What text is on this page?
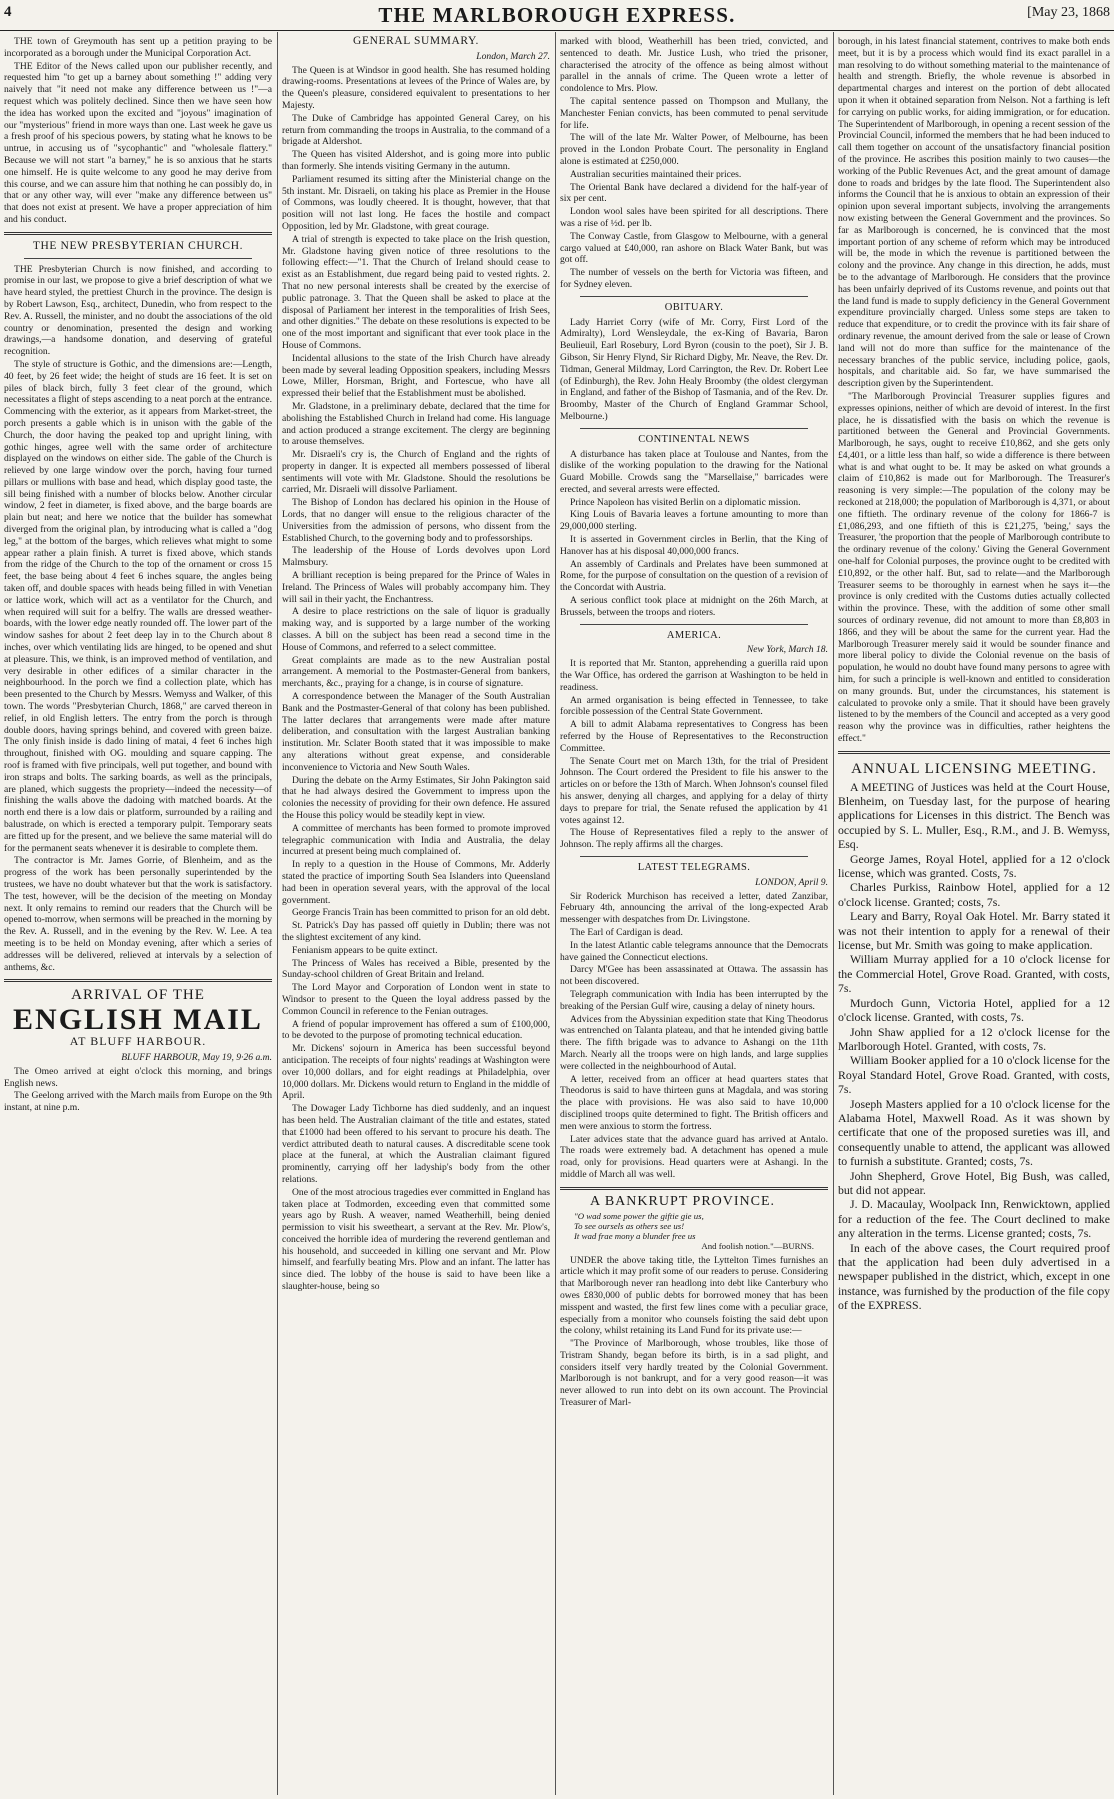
4	THE MARLBOROUGH EXPRESS.	[May 23, 1868

THE town of Greymouth has sent up a petition praying to be incorporated as a borough under the Municipal Corporation Act.

THE Editor of the News called upon our publisher recently, and requested him "to get up a barney about something !" adding very naively that "it need not make any difference between us !"—a request which was politely declined. Since then we have seen how the idea has worked upon the excited and "joyous" imagination of our "mysterious" friend in more ways than one. Last week he gave us a fresh proof of his specious powers, by stating what he knows to be untrue, in accusing us of "sycophantic" and "wholesale flattery." Because we will not start "a barney," he is so anxious that he starts one himself. He is quite welcome to any good he may derive from this course, and we can assure him that nothing he can possibly do, in that or any other way, will ever "make any difference between us" that does not exist at present. We have a proper appreciation of him and his conduct.

THE NEW PRESBYTERIAN CHURCH.

THE Presbyterian Church is now finished, and according to promise in our last, we propose to give a brief description of what we have heard styled, the prettiest Church in the province. The design is by Robert Lawson, Esq., architect, Dunedin, who from respect to the Rev. A. Russell, the minister, and no doubt the associations of the old country or denomination, presented the design and working drawings,—a handsome donation, and deserving of grateful recognition.

The style of structure is Gothic, and the dimensions are:—Length, 40 feet, by 26 feet wide; the height of studs are 16 feet. It is set on piles of black birch, fully 3 feet clear of the ground, which necessitates a flight of steps ascending to a neat porch at the entrance. Commencing with the exterior, as it appears from Market-street, the porch presents a gable which is in unison with the gable of the Church, the door having the peaked top and upright lining, with gothic hinges, agree well with the same order of architecture displayed on the windows on either side. The gable of the Church is relieved by one large window over the porch, having four turned pillars or mullions with base and head, which display good taste, the sill being finished with a number of blocks below. Another circular window, 2 feet in diameter, is fixed above, and the barge boards are plain but neat; and here we notice that the builder has somewhat diverged from the original plan, by introducing what is called a "dog leg," at the bottom of the barges, which relieves what might to some appear rather a plain finish. A turret is fixed above, which stands from the ridge of the Church to the top of the ornament or cross 15 feet, the base being about 4 feet 6 inches square, the angles being taken off, and double spaces with heads being filled in with Venetian or lattice work, which will act as a ventilator for the Church, and when required will suit for a belfry. The walls are dressed weather-boards, with the lower edge neatly rounded off. The lower part of the window sashes for about 2 feet deep lay in to the Church about 8 inches, over which ventilating lids are hinged, to be opened and shut at pleasure. This, we think, is an improved method of ventilation, and very desirable in other edifices of a similar character in the neighbourhood. In the porch we find a collection plate, which has been presented to the Church by Messrs. Wemyss and Walker, of this town. The words "Presbyterian Church, 1868," are carved thereon in relief, in old English letters. The entry from the porch is through double doors, having springs behind, and covered with green baize. The only finish inside is dado lining of matai, 4 feet 6 inches high throughout, finished with OG. moulding and square capping. The roof is framed with five principals, well put together, and bound with iron straps and bolts. The sarking boards, as well as the principals, are planed, which suggests the propriety—indeed the necessity—of finishing the walls above the dadoing with matched boards. At the north end there is a low dais or platform, surrounded by a railing and balustrade, on which is erected a temporary pulpit. Temporary seats are fitted up for the present, and we believe the same material will do for the permanent seats whenever it is desirable to complete them.

The contractor is Mr. James Gorrie, of Blenheim, and as the progress of the work has been personally superintended by the trustees, we have no doubt whatever but that the work is satisfactory. The test, however, will be the decision of the meeting on Monday next. It only remains to remind our readers that the Church will be opened to-morrow, when sermons will be preached in the morning by the Rev. A. Russell, and in the evening by the Rev. W. Lee. A tea meeting is to be held on Monday evening, after which a series of addresses will be delivered, relieved at intervals by a selection of anthems, &c.

ARRIVAL OF THE
ENGLISH MAIL
AT BLUFF HARBOUR.
BLUFF HARBOUR, May 19, 9·26 a.m.

The Omeo arrived at eight o'clock this morning, and brings English news.

The Geelong arrived with the March mails from Europe on the 9th instant, at nine p.m.

GENERAL SUMMARY.
London, March 27.

The Queen is at Windsor in good health. She has resumed holding drawing-rooms. Presentations at levees of the Prince of Wales are, by the Queen's pleasure, considered equivalent to presentations to her Majesty.

The Duke of Cambridge has appointed General Carey, on his return from commanding the troops in Australia, to the command of a brigade at Aldershot.

The Queen has visited Aldershot, and is going more into public than formerly. She intends visiting Germany in the autumn.

Parliament resumed its sitting after the Ministerial change on the 5th instant. Mr. Disraeli, on taking his place as Premier in the House of Commons, was loudly cheered. It is thought, however, that that position will not last long. He faces the hostile and compact Opposition, led by Mr. Gladstone, with great courage.

A trial of strength is expected to take place on the Irish question, Mr. Gladstone having given notice of three resolutions to the following effect:—"1. That the Church of Ireland should cease to exist as an Establishment, due regard being paid to vested rights. 2. That no new personal interests shall be created by the exercise of public patronage. 3. That the Queen shall be asked to place at the disposal of Parliament her interest in the temporalities of Irish Sees, and other dignities." The debate on these resolutions is expected to be one of the most important and significant that ever took place in the House of Commons.

Incidental allusions to the state of the Irish Church have already been made by several leading Opposition speakers, including Messrs Lowe, Miller, Horsman, Bright, and Fortescue, who have all expressed their belief that the Establishment must be abolished.

Mr. Gladstone, in a preliminary debate, declared that the time for abolishing the Established Church in Ireland had come. His language and action produced a strange excitement. The clergy are beginning to arouse themselves.

Mr. Disraeli's cry is, the Church of England and the rights of property in danger. It is expected all members possessed of liberal sentiments will vote with Mr. Gladstone. Should the resolutions be carried, Mr. Disraeli will dissolve Parliament.

The Bishop of London has declared his opinion in the House of Lords, that no danger will ensue to the religious character of the Universities from the admission of persons, who dissent from the Established Church, to the governing body and to professorships.

The leadership of the House of Lords devolves upon Lord Malmsbury.

A brilliant reception is being prepared for the Prince of Wales in Ireland. The Princess of Wales will probably accompany him. They will sail in their yacht, the Enchantress.

A desire to place restrictions on the sale of liquor is gradually making way, and is supported by a large number of the working classes. A bill on the subject has been read a second time in the House of Commons, and referred to a select committee.

Great complaints are made as to the new Australian postal arrangement. A memorial to the Postmaster-General from bankers, merchants, &c., praying for a change, is in course of signature.

A correspondence between the Manager of the South Australian Bank and the Postmaster-General of that colony has been published. The latter declares that arrangements were made after mature deliberation, and consultation with the largest Australian banking institution. Mr. Sclater Booth stated that it was impossible to make any alterations without great expense, and considerable inconvenience to Victoria and New South Wales.

During the debate on the Army Estimates, Sir John Pakington said that he had always desired the Government to impress upon the colonies the necessity of providing for their own defence. He assured the House this policy would be steadily kept in view.

A committee of merchants has been formed to promote improved telegraphic communication with India and Australia, the delay incurred at present being much complained of.

In reply to a question in the House of Commons, Mr. Adderly stated the practice of importing South Sea Islanders into Queensland had been in operation several years, with the approval of the local government.

George Francis Train has been committed to prison for an old debt.

St. Patrick's Day has passed off quietly in Dublin; there was not the slightest excitement of any kind.

Fenianism appears to be quite extinct.

The Princess of Wales has received a Bible, presented by the Sunday-school children of Great Britain and Ireland.

The Lord Mayor and Corporation of London went in state to Windsor to present to the Queen the loyal address passed by the Common Council in reference to the Fenian outrages.

A friend of popular improvement has offered a sum of £100,000, to be devoted to the purpose of promoting technical education.

Mr. Dickens' sojourn in America has been successful beyond anticipation. The receipts of four nights' readings at Washington were over 10,000 dollars, and for eight readings at Philadelphia, over 10,000 dollars. Mr. Dickens would return to England in the middle of April.

The Dowager Lady Tichborne has died suddenly, and an inquest has been held. The Australian claimant of the title and estates, stated that £1000 had been offered to his servant to procure his death. The verdict attributed death to natural causes. A discreditable scene took place at the funeral, at which the Australian claimant figured prominently, carrying off her ladyship's body from the other relations.

One of the most atrocious tragedies ever committed in England has taken place at Todmorden, exceeding even that committed some years ago by Rush. A weaver, named Weatherhill, being denied permission to visit his sweetheart, a servant at the Rev. Mr. Plow's, conceived the horrible idea of murdering the reverend gentleman and his household, and succeeded in killing one servant and Mr. Plow himself, and fearfully beating Mrs. Plow and an infant. The latter has since died. The lobby of the house is said to have been like a slaughter-house, being so

marked with blood, Weatherhill has been tried, convicted, and sentenced to death. Mr. Justice Lush, who tried the prisoner, characterised the atrocity of the offence as being almost without parallel in the annals of crime. The Queen wrote a letter of condolence to Mrs. Plow.

The capital sentence passed on Thompson and Mullany, the Manchester Fenian convicts, has been commuted to penal servitude for life.

The will of the late Mr. Walter Power, of Melbourne, has been proved in the London Probate Court. The personality in England alone is estimated at £250,000.

Australian securities maintained their prices.

The Oriental Bank have declared a dividend for the half-year of six per cent.

London wool sales have been spirited for all descriptions. There was a rise of ½d. per lb.

The Conway Castle, from Glasgow to Melbourne, with a general cargo valued at £40,000, ran ashore on Black Water Bank, but was got off.

The number of vessels on the berth for Victoria was fifteen, and for Sydney eleven.

OBITUARY.

Lady Harriet Corry (wife of Mr. Corry, First Lord of the Admiralty), Lord Wensleydale, the ex-King of Bavaria, Baron Beulieuil, Earl Rosebury, Lord Byron (cousin to the poet), Sir J. B. Gibson, Sir Henry Flynd, Sir Richard Digby, Mr. Neave, the Rev. Dr. Tidman, General Mildmay, Lord Carrington, the Rev. Dr. Robert Lee (of Edinburgh), the Rev. John Healy Broomby (the oldest clergyman in England, and father of the Bishop of Tasmania, and of the Rev. Dr. Broomby, Master of the Church of England Grammar School, Melbourne.)

CONTINENTAL NEWS

A disturbance has taken place at Toulouse and Nantes, from the dislike of the working population to the drawing for the National Guard Mobille. Crowds sang the "Marsellaise," barricades were erected, and several arrests were effected.

Prince Napoleon has visited Berlin on a diplomatic mission.

King Louis of Bavaria leaves a fortune amounting to more than 29,000,000 sterling.

It is asserted in Government circles in Berlin, that the King of Hanover has at his disposal 40,000,000 francs.

An assembly of Cardinals and Prelates have been summoned at Rome, for the purpose of consultation on the question of a revision of the Concordat with Austria.

A serious conflict took place at midnight on the 26th March, at Brussels, between the troops and rioters.

AMERICA.
New York, March 18.

It is reported that Mr. Stanton, apprehending a guerilla raid upon the War Office, has ordered the garrison at Washington to be held in readiness.

An armed organisation is being effected in Tennessee, to take forcible possession of the Central State Government.

A bill to admit Alabama representatives to Congress has been referred by the House of Representatives to the Reconstruction Committee.

The Senate Court met on March 13th, for the trial of President Johnson. The Court ordered the President to file his answer to the articles on or before the 13th of March. When Johnson's counsel filed his answer, denying all charges, and applying for a delay of thirty days to prepare for trial, the Senate refused the application by 41 votes against 12.

The House of Representatives filed a reply to the answer of Johnson. The reply affirms all the charges.

LATEST TELEGRAMS.
LONDON, April 9.

Sir Roderick Murchison has received a letter, dated Zanzibar, February 4th, announcing the arrival of the long-expected Arab messenger with despatches from Dr. Livingstone.

The Earl of Cardigan is dead.

In the latest Atlantic cable telegrams announce that the Democrats have gained the Connecticut elections.

Darcy M'Gee has been assassinated at Ottawa. The assassin has not been discovered.

Telegraph communication with India has been interrupted by the breaking of the Persian Gulf wire, causing a delay of ninety hours.

Advices from the Abyssinian expedition state that King Theodorus was entrenched on Talanta plateau, and that he intended giving battle there. The fifth brigade was to advance to Ashangi on the 11th March. Nearly all the troops were on high lands, and large supplies were collected in the neighbourhood of Autal.

A letter, received from an officer at head quarters states that Theodorus is said to have thirteen guns at Magdala, and was storing the place with provisions. He was also said to have 10,000 disciplined troops quite determined to fight. The British officers and men were anxious to storm the fortress.

Later advices state that the advance guard has arrived at Antalo. The roads were extremely bad. A detachment has opened a mule road, only for provisions. Head quarters were at Ashangi. In the middle of March all was well.

A BANKRUPT PROVINCE.
"O wad some power the giftie gie us,
To see oursels as others see us!
It wad frae mony a blunder free us
And foolish notion."—BURNS.

UNDER the above taking title, the Lyttelton Times furnishes an article which it may profit some of our readers to peruse. Considering that Marlborough never ran headlong into debt like Canterbury who owes £830,000 of public debts for borrowed money that has been misspent and wasted, the first few lines come with a peculiar grace, especially from a monitor who counsels foisting the said debt upon the colony, whilst retaining its Land Fund for its private use:—

"The Province of Marlborough, whose troubles, like those of Tristram Shandy, began before its birth, is in a sad plight, and considers itself very hardly treated by the Colonial Government. Marlborough is not bankrupt, and for a very good reason—it was never allowed to run into debt on its own account. The Provincial Treasurer of Marl-

borough, in his latest financial statement, contrives to make both ends meet, but it is by a process which would find its exact parallel in a man resolving to do without something material to the maintenance of health and strength. Briefly, the whole revenue is absorbed in departmental charges and interest on the portion of debt allocated upon it when it obtained separation from Nelson. Not a farthing is left for carrying on public works, for aiding immigration, or for education. The Superintendent of Marlborough, in opening a recent session of the Provincial Council, informed the members that he had been induced to call them together on account of the unsatisfactory financial position of the province. He ascribes this position mainly to two causes—the working of the Public Revenues Act, and the great amount of damage done to roads and bridges by the late flood. The Superintendent also informs the Council that he is anxious to obtain an expression of their opinion upon several important subjects, involving the arrangements now existing between the General Government and the provinces. So far as Marlborough is concerned, he is convinced that the most important portion of any scheme of reform which may be introduced will be, the mode in which the revenue is partitioned between the colony and the province. Any change in this direction, he adds, must be to the advantage of Marlborough. He considers that the province has been unfairly deprived of its Customs revenue, and points out that the land fund is made to supply deficiency in the General Government expenditure provincially charged. Unless some steps are taken to reduce that expenditure, or to credit the province with its fair share of ordinary revenue, the amount derived from the sale or lease of Crown land will not do more than suffice for the maintenance of the necessary branches of the public service, including police, gaols, hospitals, and charitable aid. So far, we have summarised the description given by the Superintendent.

"The Marlborough Provincial Treasurer supplies figures and expresses opinions, neither of which are devoid of interest. In the first place, he is dissatisfied with the basis on which the revenue is partitioned between the General and Provincial Governments. Marlborough, he says, ought to receive £10,862, and she gets only £4,401, or a little less than half, so wide a difference is there between what is and what ought to be. It may be asked on what grounds a claim of £10,862 is made out for Marlborough. The Treasurer's reasoning is very simple:—The population of the colony may be reckoned at 218,000; the population of Marlborough is 4,371, or about one fiftieth. The ordinary revenue of the colony for 1866-7 is £1,086,293, and one fiftieth of this is £21,275, 'being,' says the Treasurer, 'the proportion that the people of Marlborough contribute to the ordinary revenue of the colony.' Giving the General Government one-half for Colonial purposes, the province ought to be credited with £10,892, or the other half. But, sad to relate—and the Marlborough Treasurer seems to be thoroughly in earnest when he says it—the province is only credited with the Customs duties actually collected within the province. These, with the addition of some other small sources of ordinary revenue, did not amount to more than £8,803 in 1866, and they will be about the same for the current year. Had the Marlborough Treasurer merely said it would be sounder finance and more liberal policy to divide the Colonial revenue on the basis of population, he would no doubt have found many persons to agree with him, for such a principle is well-known and entitled to consideration on many grounds. But, under the circumstances, his statement is calculated to provoke only a smile. That it should have been gravely listened to by the members of the Council and accepted as a very good reason why the province was in difficulties, rather heightens the effect."

ANNUAL LICENSING MEETING.

A MEETING of Justices was held at the Court House, Blenheim, on Tuesday last, for the purpose of hearing applications for Licenses in this district. The Bench was occupied by S. L. Muller, Esq., R.M., and J. B. Wemyss, Esq.

George James, Royal Hotel, applied for a 12 o'clock license, which was granted. Costs, 7s.

Charles Purkiss, Rainbow Hotel, applied for a 12 o'clock license. Granted; costs, 7s.

Leary and Barry, Royal Oak Hotel. Mr. Barry stated it was not their intention to apply for a renewal of their license, but Mr. Smith was going to make application.

William Murray applied for a 10 o'clock license for the Commercial Hotel, Grove Road. Granted, with costs, 7s.

Murdoch Gunn, Victoria Hotel, applied for a 12 o'clock license. Granted, with costs, 7s.

John Shaw applied for a 12 o'clock license for the Marlborough Hotel. Granted, with costs, 7s.

William Booker applied for a 10 o'clock license for the Royal Standard Hotel, Grove Road. Granted, with costs, 7s.

Joseph Masters applied for a 10 o'clock license for the Alabama Hotel, Maxwell Road. As it was shown by certificate that one of the proposed sureties was ill, and consequently unable to attend, the applicant was allowed to furnish a substitute. Granted; costs, 7s.

John Shepherd, Grove Hotel, Big Bush, was called, but did not appear.

J. D. Macaulay, Woolpack Inn, Renwicktown, applied for a reduction of the fee. The Court declined to make any alteration in the terms. License granted; costs, 7s.

In each of the above cases, the Court required proof that the application had been duly advertised in a newspaper published in the district, which, except in one instance, was furnished by the production of the file copy of the EXPRESS.
